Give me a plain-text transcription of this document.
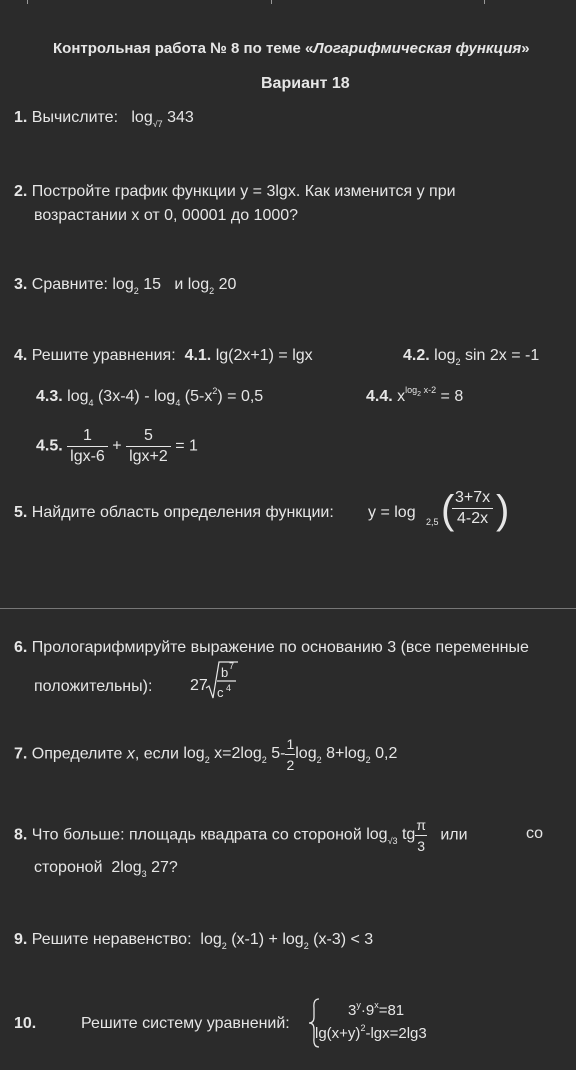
Контрольная работа № 8 по теме «Логарифмическая функция»
Вариант 18
1. Вычислите: $\log_{√7} 343$
2. Постройте график функции y = 3lgx. Как изменится y при
возрастании x от 0, 00001 до 1000?
3. Сравните: $\log_2 15$ и $\log_2 20$
4. Решите уравнения: 4.1. lg(2x+1) = lgx	4.2. $\log_2 \sin 2x = -1$
4.3. $\log_4 (3x-4) - \log_4 (5-x^2) = 0,5$	4.4. $x^{log_2 x-2} = 8$
4.5. $\frac{1}{\lg x-6} + \frac{5}{\lg x+2} = 1$
5. Найдите область определения функции: y = log
2,5 (
$\frac{3+7x}{4-2x}$ )
6. Прологарифмируйте выражение по основанию 3 (все переменные
положительны): 27
b 7
c 4
7. Определите x, если $\log_2 x=2\log_2$ $5- \frac{1}{2} \log_2 8+\log_2$ 0,2
8. Что больше: площадь квадрата со стороной $\log_{√3}$ tg $\frac{\pi}{3}$ или	со
стороной $2\log_3$ 27?
9. Решите неравенство: $\log_2 (x-1) + \log_2 (x-3) < 3$
10.	Решите систему уравнений:
$3^y\cdot 9^x=81$
$\lg(x+y)^2-\lg x=2\lg 3$
